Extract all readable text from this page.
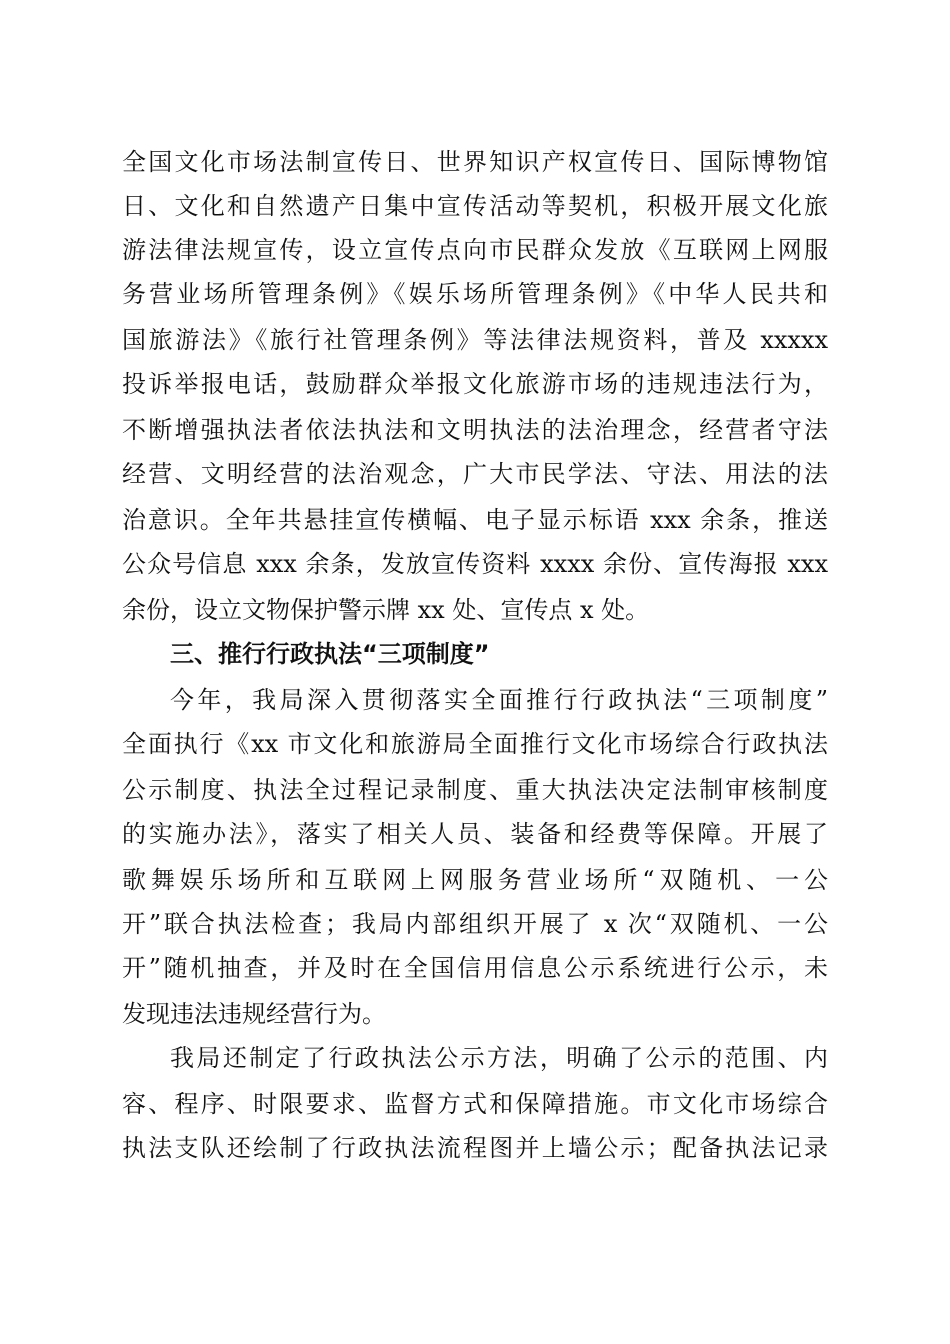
全国文化市场法制宣传日、世界知识产权宣传日、国际博物馆
日、文化和自然遗产日集中宣传活动等契机，积极开展文化旅
游法律法规宣传，设立宣传点向市民群众发放《互联网上网服
务营业场所管理条例》《娱乐场所管理条例》《中华人民共和
国旅游法》《旅行社管理条例》等法律法规资料，普及 xxxxx
投诉举报电话，鼓励群众举报文化旅游市场的违规违法行为，
不断增强执法者依法执法和文明执法的法治理念，经营者守法
经营、文明经营的法治观念，广大市民学法、守法、用法的法
治意识。全年共悬挂宣传横幅、电子显示标语 xxx 余条，推送
公众号信息 xxx 余条，发放宣传资料 xxxx 余份、宣传海报 xxx
余份，设立文物保护警示牌 xx 处、宣传点 x 处。
三、推行行政执法“三项制度”
今年，我局深入贯彻落实全面推行行政执法“三项制度”
全面执行《xx 市文化和旅游局全面推行文化市场综合行政执法
公示制度、执法全过程记录制度、重大执法决定法制审核制度
的实施办法》，落实了相关人员、装备和经费等保障。开展了
歌舞娱乐场所和互联网上网服务营业场所“双随机、一公
开”联合执法检查；我局内部组织开展了 x 次“双随机、一公
开”随机抽查，并及时在全国信用信息公示系统进行公示，未
发现违法违规经营行为。
我局还制定了行政执法公示方法，明确了公示的范围、内
容、程序、时限要求、监督方式和保障措施。市文化市场综合
执法支队还绘制了行政执法流程图并上墙公示；配备执法记录
